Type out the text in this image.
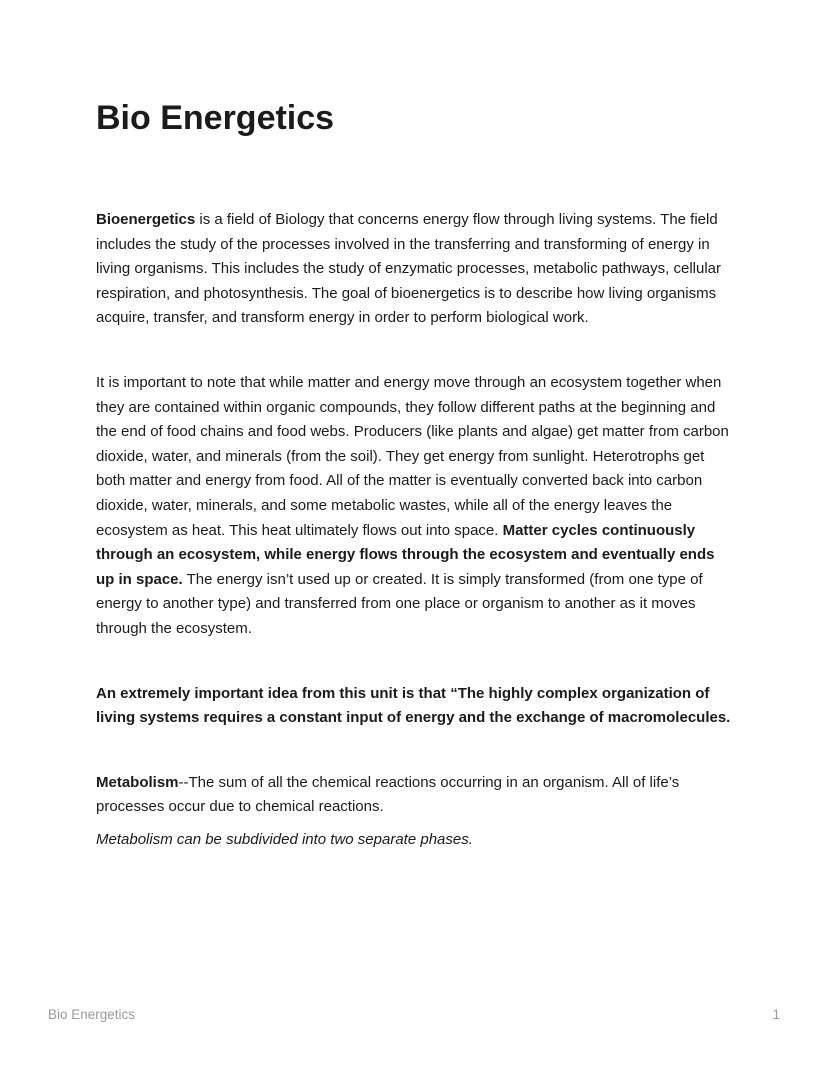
Bio Energetics

Bioenergetics is a field of Biology that concerns energy flow through living systems. The field includes the study of the processes involved in the transferring and transforming of energy in living organisms. This includes the study of enzymatic processes, metabolic pathways, cellular respiration, and photosynthesis. The goal of bioenergetics is to describe how living organisms acquire, transfer, and transform energy in order to perform biological work.

It is important to note that while matter and energy move through an ecosystem together when they are contained within organic compounds, they follow different paths at the beginning and the end of food chains and food webs. Producers (like plants and algae) get matter from carbon dioxide, water, and minerals (from the soil). They get energy from sunlight. Heterotrophs get both matter and energy from food. All of the matter is eventually converted back into carbon dioxide, water, minerals, and some metabolic wastes, while all of the energy leaves the ecosystem as heat. This heat ultimately flows out into space. Matter cycles continuously through an ecosystem, while energy flows through the ecosystem and eventually ends up in space. The energy isn’t used up or created. It is simply transformed (from one type of energy to another type) and transferred from one place or organism to another as it moves through the ecosystem.

An extremely important idea from this unit is that “The highly complex organization of living systems requires a constant input of energy and the exchange of macromolecules.

Metabolism--The sum of all the chemical reactions occurring in an organism. All of life’s processes occur due to chemical reactions.

Metabolism can be subdivided into two separate phases.

Bio Energetics	1
